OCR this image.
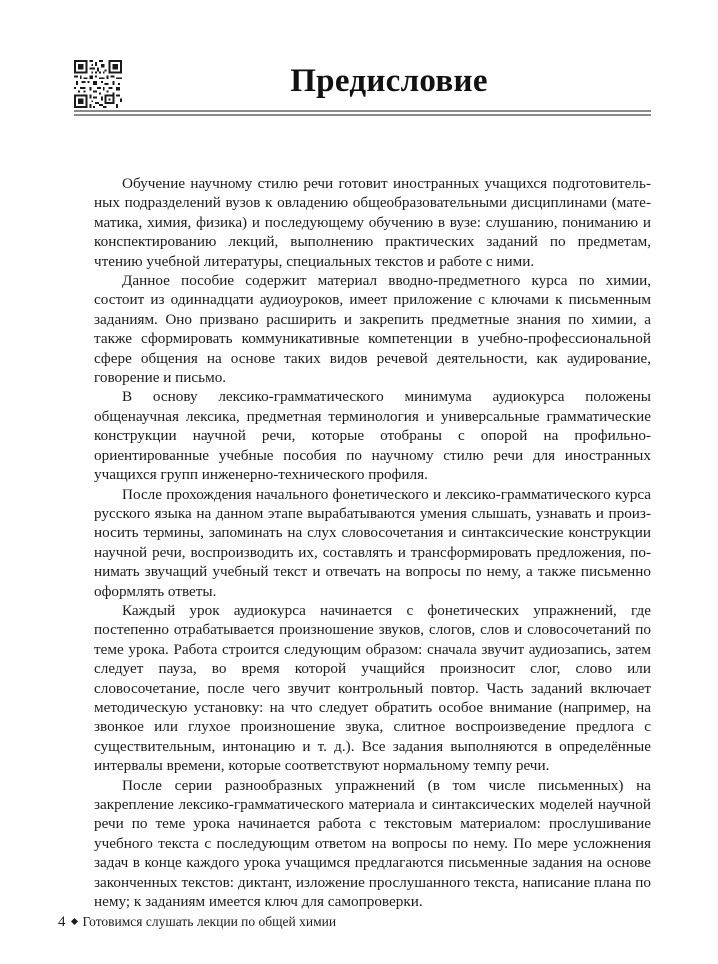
Предисловие

Обучение научному стилю речи готовит иностранных учащихся подготовительных подразделений вузов к овладению общеобразовательными дисциплинами (математика, химия, физика) и последующему обучению в вузе: слушанию, пониманию и конспектированию лекций, выполнению практических заданий по предметам, чтению учебной литературы, специальных текстов и работе с ними.

Данное пособие содержит материал вводно-предметного курса по химии, состоит из одиннадцати аудиоуроков, имеет приложение с ключами к письменным заданиям. Оно призвано расширить и закрепить предметные знания по химии, а также сформировать коммуникативные компетенции в учебно-профессиональной сфере общения на основе таких видов речевой деятельности, как аудирование, говорение и письмо.

В основу лексико-грамматического минимума аудиокурса положены общенаучная лексика, предметная терминология и универсальные грамматические конструкции научной речи, которые отобраны с опорой на профильно-ориентированные учебные пособия по научному стилю речи для иностранных учащихся групп инженерно-технического профиля.

После прохождения начального фонетического и лексико-грамматического курса русского языка на данном этапе вырабатываются умения слышать, узнавать и произносить термины, запоминать на слух словосочетания и синтаксические конструкции научной речи, воспроизводить их, составлять и трансформировать предложения, понимать звучащий учебный текст и отвечать на вопросы по нему, а также письменно оформлять ответы.

Каждый урок аудиокурса начинается с фонетических упражнений, где постепенно отрабатывается произношение звуков, слогов, слов и словосочетаний по теме урока. Работа строится следующим образом: сначала звучит аудиозапись, затем следует пауза, во время которой учащийся произносит слог, слово или словосочетание, после чего звучит контрольный повтор. Часть заданий включает методическую установку: на что следует обратить особое внимание (например, на звонкое или глухое произношение звука, слитное воспроизведение предлога с существительным, интонацию и т. д.). Все задания выполняются в определённые интервалы времени, которые соответствуют нормальному темпу речи.

После серии разнообразных упражнений (в том числе письменных) на закрепление лексико-грамматического материала и синтаксических моделей научной речи по теме урока начинается работа с текстовым материалом: прослушивание учебного текста с последующим ответом на вопросы по нему. По мере усложнения задач в конце каждого урока учащимся предлагаются письменные задания на основе законченных текстов: диктант, изложение прослушанного текста, написание плана по нему; к заданиям имеется ключ для самопроверки.

4 Готовимся слушать лекции по общей химии
